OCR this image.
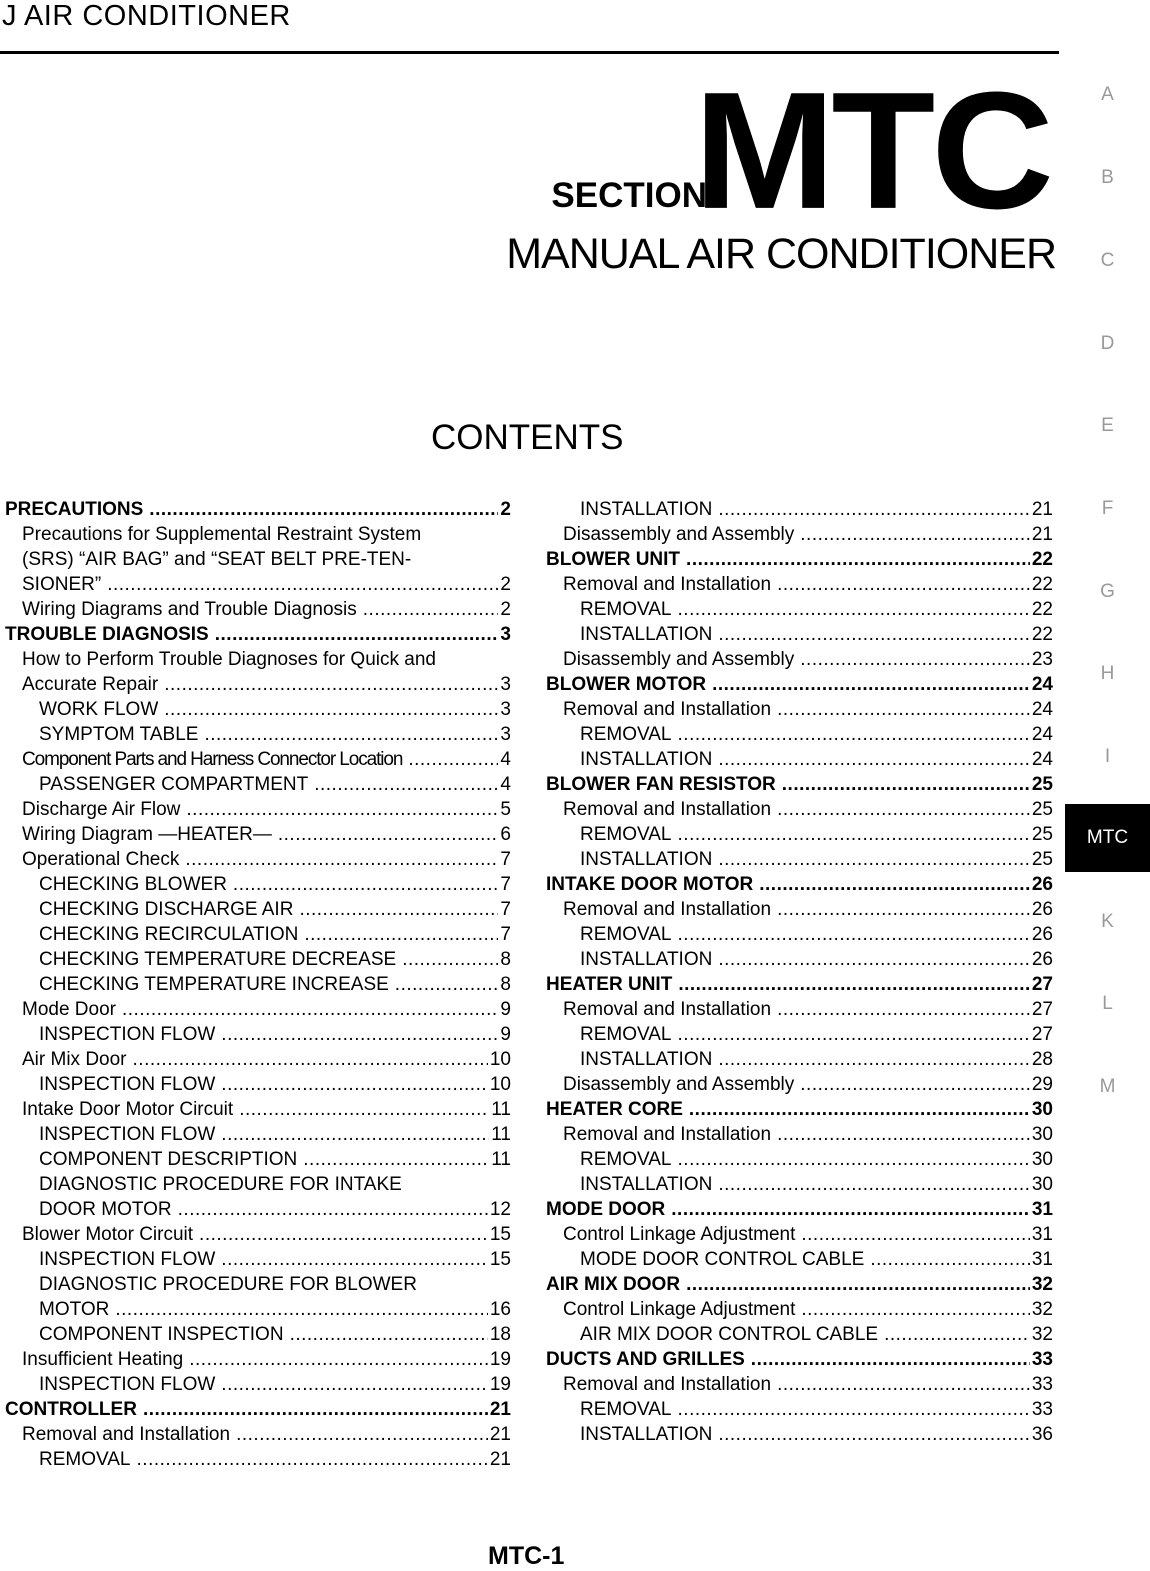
J AIR CONDITIONER
SECTION
MTC
MANUAL AIR CONDITIONER
CONTENTS
A
B
C
D
E
F
G
H
I
MTC
K
L
M
PRECAUTIONS .....	2
Precautions for Supplemental Restraint System
(SRS) “AIR BAG” and “SEAT BELT PRE-TEN-
SIONER” .....	2
Wiring Diagrams and Trouble Diagnosis .....	2
TROUBLE DIAGNOSIS .....	3
How to Perform Trouble Diagnoses for Quick and
Accurate Repair .....	3
WORK FLOW .....	3
SYMPTOM TABLE .....	3
Component Parts and Harness Connector Location .....	4
PASSENGER COMPARTMENT .....	4
Discharge Air Flow .....	5
Wiring Diagram —HEATER— .....	6
Operational Check .....	7
CHECKING BLOWER .....	7
CHECKING DISCHARGE AIR .....	7
CHECKING RECIRCULATION .....	7
CHECKING TEMPERATURE DECREASE .....	8
CHECKING TEMPERATURE INCREASE .....	8
Mode Door .....	9
INSPECTION FLOW .....	9
Air Mix Door .....	10
INSPECTION FLOW .....	10
Intake Door Motor Circuit .....	11
INSPECTION FLOW .....	11
COMPONENT DESCRIPTION .....	11
DIAGNOSTIC PROCEDURE FOR INTAKE
DOOR MOTOR .....	12
Blower Motor Circuit .....	15
INSPECTION FLOW .....	15
DIAGNOSTIC PROCEDURE FOR BLOWER
MOTOR .....	16
COMPONENT INSPECTION .....	18
Insufficient Heating .....	19
INSPECTION FLOW .....	19
CONTROLLER .....	21
Removal and Installation .....	21
REMOVAL .....	21
INSTALLATION .....	21
Disassembly and Assembly .....	21
BLOWER UNIT .....	22
Removal and Installation .....	22
REMOVAL .....	22
INSTALLATION .....	22
Disassembly and Assembly .....	23
BLOWER MOTOR .....	24
Removal and Installation .....	24
REMOVAL .....	24
INSTALLATION .....	24
BLOWER FAN RESISTOR .....	25
Removal and Installation .....	25
REMOVAL .....	25
INSTALLATION .....	25
INTAKE DOOR MOTOR .....	26
Removal and Installation .....	26
REMOVAL .....	26
INSTALLATION .....	26
HEATER UNIT .....	27
Removal and Installation .....	27
REMOVAL .....	27
INSTALLATION .....	28
Disassembly and Assembly .....	29
HEATER CORE .....	30
Removal and Installation .....	30
REMOVAL .....	30
INSTALLATION .....	30
MODE DOOR .....	31
Control Linkage Adjustment .....	31
MODE DOOR CONTROL CABLE .....	31
AIR MIX DOOR .....	32
Control Linkage Adjustment .....	32
AIR MIX DOOR CONTROL CABLE .....	32
DUCTS AND GRILLES .....	33
Removal and Installation .....	33
REMOVAL .....	33
INSTALLATION .....	36
MTC-1
